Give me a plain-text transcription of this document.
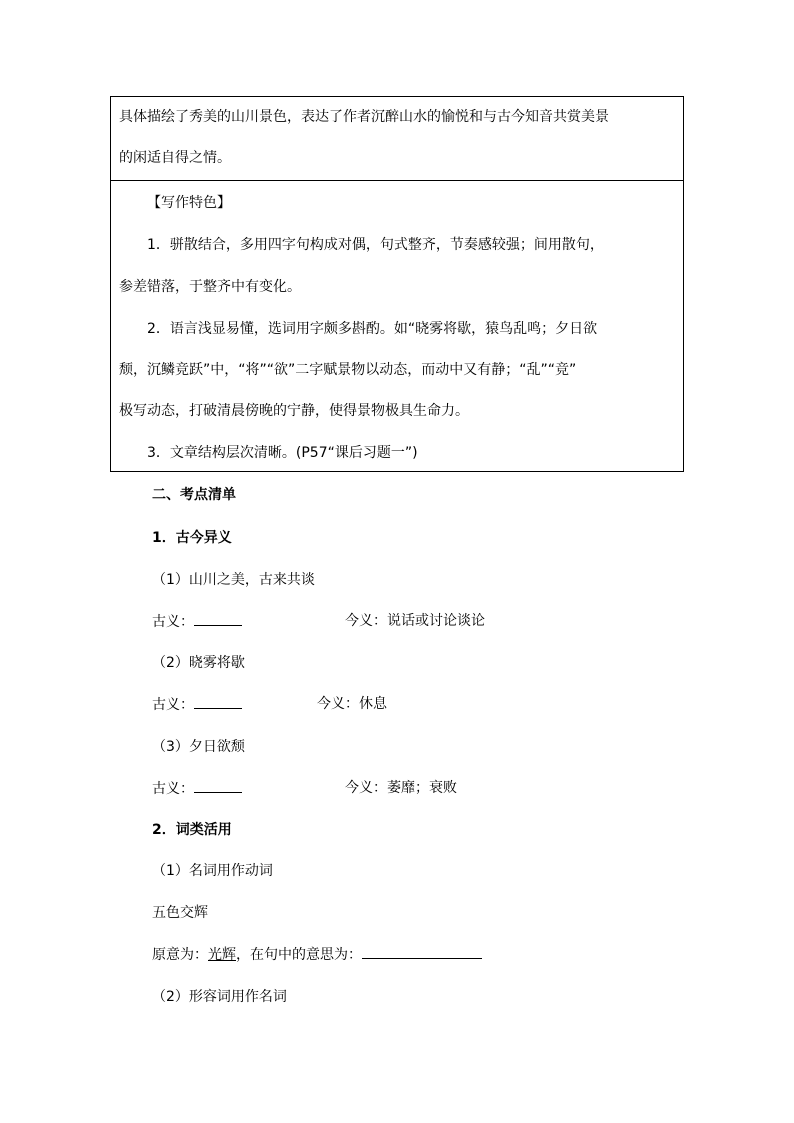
具体描绘了秀美的山川景色，表达了作者沉醉山水的愉悦和与古今知音共赏美景
的闲适自得之情。
【写作特色】
1．骈散结合，多用四字句构成对偶，句式整齐，节奏感较强；间用散句，
参差错落，于整齐中有变化。
2．语言浅显易懂，选词用字颇多斟酌。如“晓雾将歇，猿鸟乱鸣；夕日欲
颓，沉鳞竞跃”中，“将”“欲”二字赋景物以动态，而动中又有静；“乱”“竞”
极写动态，打破清晨傍晚的宁静，使得景物极具生命力。
3．文章结构层次清晰。(P57“课后习题一”)
二、考点清单
1．古今异义
（1）山川之美，古来共谈
古义：	今义：说话或讨论谈论
（2）晓雾将歇
古义：	今义：休息
（3）夕日欲颓
古义：	今义：萎靡；衰败
2．词类活用
（1）名词用作动词
五色交辉
原意为：光辉，在句中的意思为：
（2）形容词用作名词
